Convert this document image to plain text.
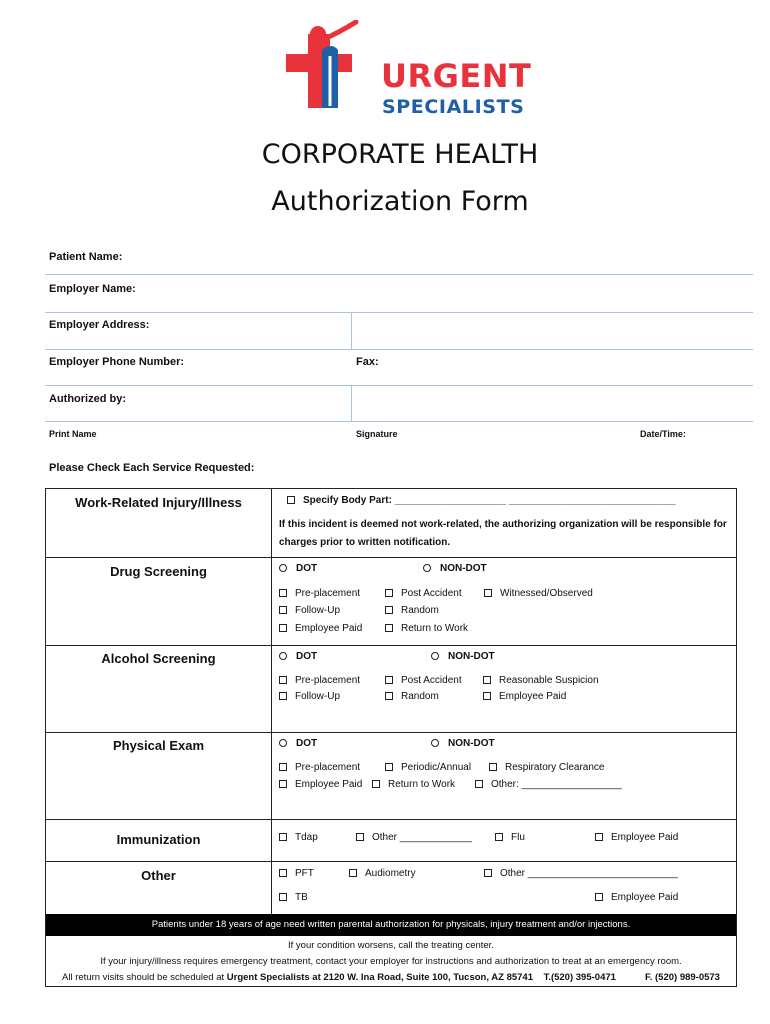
URGENT
SPECIALISTS
CORPORATE HEALTH
Authorization Form
Patient Name:
Employer Name:
Employer Address:
Employer Phone Number:	Fax:
Authorized by:
Print Name	Signature	Date/Time:
Please Check Each Service Requested:
Work-Related Injury/Illness	Specify Body Part: ____________________ ______________________________
If this incident is deemed not work-related, the authorizing organization will be responsible for
charges prior to written notification.
Drug Screening	DOT	NON-DOT
Pre-placement	Post Accident	Witnessed/Observed
Follow-Up	Random
Employee Paid	Return to Work
Alcohol Screening	DOT	NON-DOT
Pre-placement	Post Accident	Reasonable Suspicion
Follow-Up	Random	Employee Paid
Physical Exam	DOT	NON-DOT
Pre-placement	Periodic/Annual	Respiratory Clearance
Employee Paid	Return to Work	Other: __________________
Immunization	Tdap	Other _____________	Flu	Employee Paid
Other	PFT	Audiometry	Other ___________________________
TB	Employee Paid
Patients under 18 years of age need written parental authorization for physicals, injury treatment and/or injections.
If your condition worsens, call the treating center.
If your injury/illness requires emergency treatment, contact your employer for instructions and authorization to treat at an emergency room.
All return visits should be scheduled at Urgent Specialists at 2120 W. Ina Road, Suite 100, Tucson, AZ 85741 T.(520) 395-0471	F. (520) 989-0573
